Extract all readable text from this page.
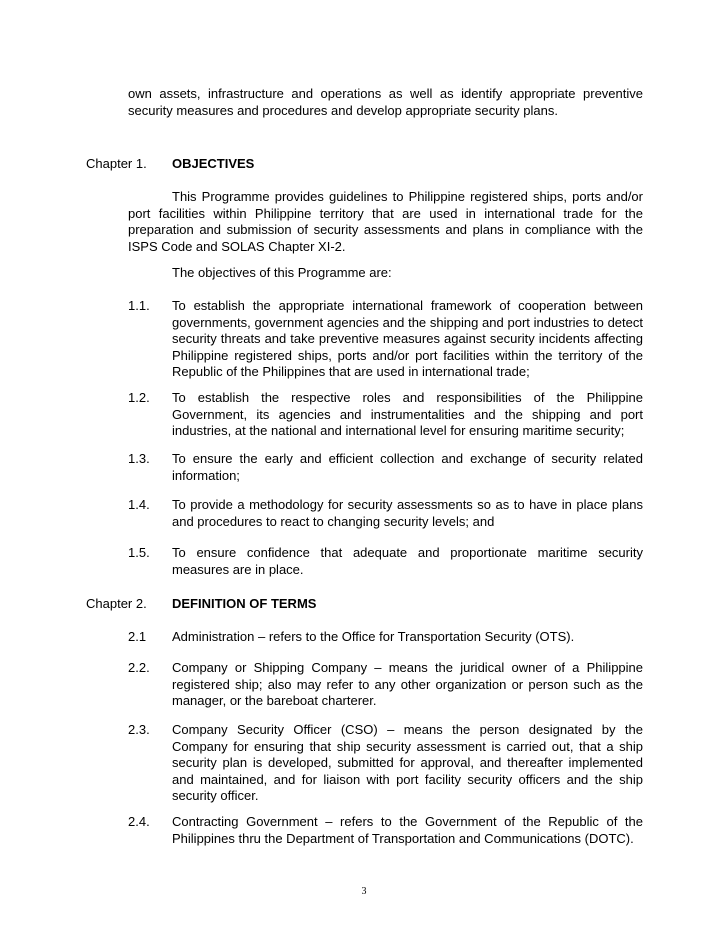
own assets, infrastructure and operations as well as identify appropriate preventive security measures and procedures and develop appropriate security plans.
Chapter 1. OBJECTIVES
This Programme provides guidelines to Philippine registered ships, ports and/or port facilities within Philippine territory that are used in international trade for the preparation and submission of security assessments and plans in compliance with the ISPS Code and SOLAS Chapter XI-2.
The objectives of this Programme are:
1.1. To establish the appropriate international framework of cooperation between governments, government agencies and the shipping and port industries to detect security threats and take preventive measures against security incidents affecting Philippine registered ships, ports and/or port facilities within the territory of the Republic of the Philippines that are used in international trade;
1.2. To establish the respective roles and responsibilities of the Philippine Government, its agencies and instrumentalities and the shipping and port industries, at the national and international level for ensuring maritime security;
1.3. To ensure the early and efficient collection and exchange of security related information;
1.4. To provide a methodology for security assessments so as to have in place plans and procedures to react to changing security levels; and
1.5. To ensure confidence that adequate and proportionate maritime security measures are in place.
Chapter 2. DEFINITION OF TERMS
2.1 Administration – refers to the Office for Transportation Security (OTS).
2.2. Company or Shipping Company – means the juridical owner of a Philippine registered ship; also may refer to any other organization or person such as the manager, or the bareboat charterer.
2.3. Company Security Officer (CSO) – means the person designated by the Company for ensuring that ship security assessment is carried out, that a ship security plan is developed, submitted for approval, and thereafter implemented and maintained, and for liaison with port facility security officers and the ship security officer.
2.4. Contracting Government – refers to the Government of the Republic of the Philippines thru the Department of Transportation and Communications (DOTC).
3
